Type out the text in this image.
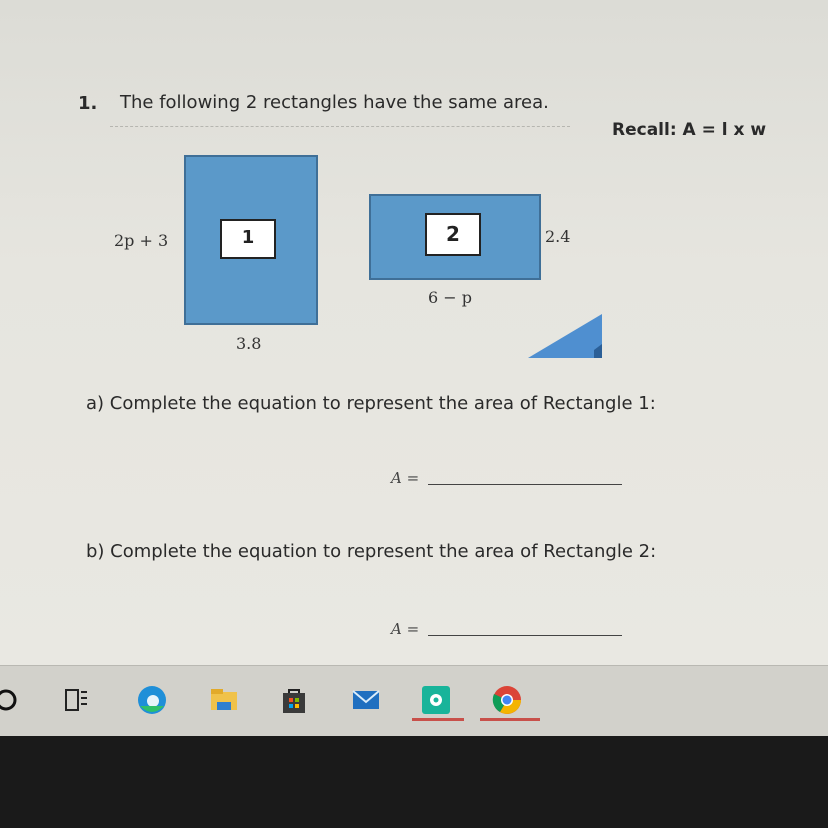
1. The following 2 rectangles have the same area.
Recall: A = l x w
1
2p + 3
3.8
2	2.4
6 − p
a) Complete the equation to represent the area of Rectangle 1:
A =
b) Complete the equation to represent the area of Rectangle 2:
A =
